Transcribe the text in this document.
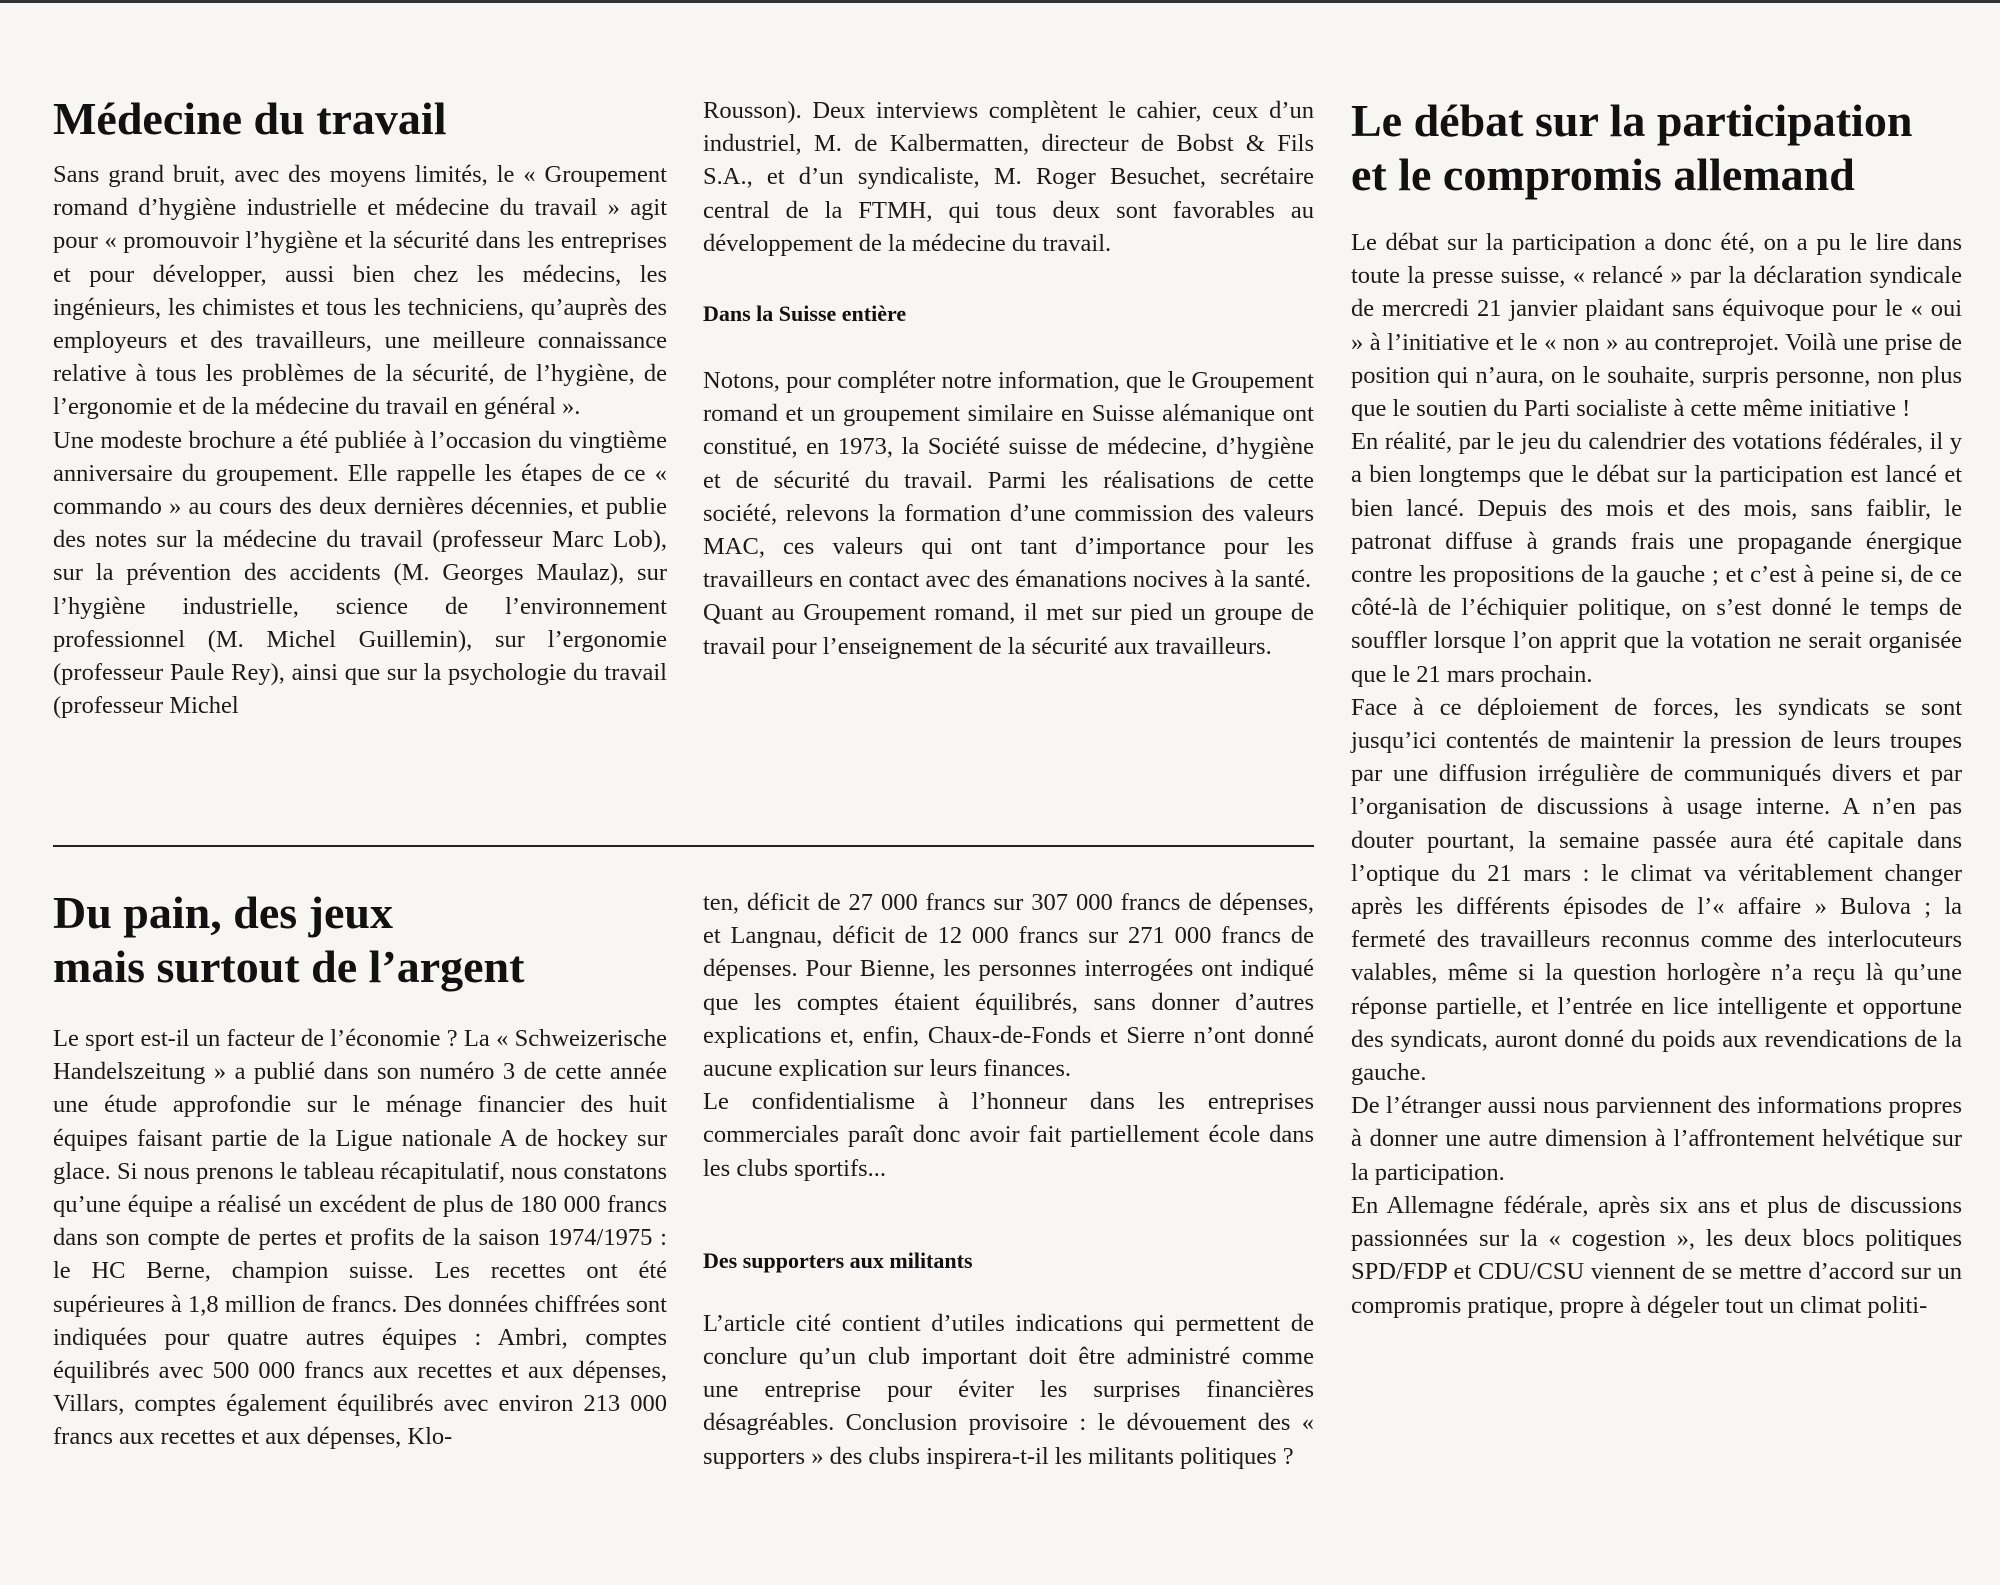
Médecine du travail

Sans grand bruit, avec des moyens limités, le « Groupement romand d’hygiène industrielle et médecine du travail » agit pour « promouvoir l’hygiène et la sécurité dans les entreprises et pour développer, aussi bien chez les médecins, les ingénieurs, les chimistes et tous les techniciens, qu’auprès des employeurs et des travailleurs, une meilleure connaissance relative à tous les problèmes de la sécurité, de l’hygiène, de l’ergonomie et de la médecine du travail en général ».

Une modeste brochure a été publiée à l’occasion du vingtième anniversaire du groupement. Elle rappelle les étapes de ce « commando » au cours des deux dernières décennies, et publie des notes sur la médecine du travail (professeur Marc Lob), sur la prévention des accidents (M. Georges Maulaz), sur l’hygiène industrielle, science de l’environnement professionnel (M. Michel Guillemin), sur l’ergonomie (professeur Paule Rey), ainsi que sur la psychologie du travail (professeur Michel

Rousson). Deux interviews complètent le cahier, ceux d’un industriel, M. de Kalbermatten, directeur de Bobst & Fils S.A., et d’un syndicaliste, M. Roger Besuchet, secrétaire central de la FTMH, qui tous deux sont favorables au développement de la médecine du travail.

Dans la Suisse entière

Notons, pour compléter notre information, que le Groupement romand et un groupement similaire en Suisse alémanique ont constitué, en 1973, la Société suisse de médecine, d’hygiène et de sécurité du travail. Parmi les réalisations de cette société, relevons la formation d’une commission des valeurs MAC, ces valeurs qui ont tant d’importance pour les travailleurs en contact avec des émanations nocives à la santé.

Quant au Groupement romand, il met sur pied un groupe de travail pour l’enseignement de la sécurité aux travailleurs.

Du pain, des jeux
mais surtout de l’argent

Le sport est-il un facteur de l’économie ? La « Schweizerische Handelszeitung » a publié dans son numéro 3 de cette année une étude approfondie sur le ménage financier des huit équipes faisant partie de la Ligue nationale A de hockey sur glace. Si nous prenons le tableau récapitulatif, nous constatons qu’une équipe a réalisé un excédent de plus de 180 000 francs dans son compte de pertes et profits de la saison 1974/1975 : le HC Berne, champion suisse. Les recettes ont été supérieures à 1,8 million de francs. Des données chiffrées sont indiquées pour quatre autres équipes : Ambri, comptes équilibrés avec 500 000 francs aux recettes et aux dépenses, Villars, comptes également équilibrés avec environ 213 000 francs aux recettes et aux dépenses, Klo-

ten, déficit de 27 000 francs sur 307 000 francs de dépenses, et Langnau, déficit de 12 000 francs sur 271 000 francs de dépenses. Pour Bienne, les personnes interrogées ont indiqué que les comptes étaient équilibrés, sans donner d’autres explications et, enfin, Chaux-de-Fonds et Sierre n’ont donné aucune explication sur leurs finances.

Le confidentialisme à l’honneur dans les entreprises commerciales paraît donc avoir fait partiellement école dans les clubs sportifs...

Des supporters aux militants

L’article cité contient d’utiles indications qui permettent de conclure qu’un club important doit être administré comme une entreprise pour éviter les surprises financières désagréables. Conclusion provisoire : le dévouement des « supporters » des clubs inspirera-t-il les militants politiques ?

Le débat sur la participation
et le compromis allemand

Le débat sur la participation a donc été, on a pu le lire dans toute la presse suisse, « relancé » par la déclaration syndicale de mercredi 21 janvier plaidant sans équivoque pour le « oui » à l’initiative et le « non » au contreprojet. Voilà une prise de position qui n’aura, on le souhaite, surpris personne, non plus que le soutien du Parti socialiste à cette même initiative !

En réalité, par le jeu du calendrier des votations fédérales, il y a bien longtemps que le débat sur la participation est lancé et bien lancé. Depuis des mois et des mois, sans faiblir, le patronat diffuse à grands frais une propagande énergique contre les propositions de la gauche ; et c’est à peine si, de ce côté-là de l’échiquier politique, on s’est donné le temps de souffler lorsque l’on apprit que la votation ne serait organisée que le 21 mars prochain.

Face à ce déploiement de forces, les syndicats se sont jusqu’ici contentés de maintenir la pression de leurs troupes par une diffusion irrégulière de communiqués divers et par l’organisation de discussions à usage interne. A n’en pas douter pourtant, la semaine passée aura été capitale dans l’optique du 21 mars : le climat va véritablement changer après les différents épisodes de l’« affaire » Bulova ; la fermeté des travailleurs reconnus comme des interlocuteurs valables, même si la question horlogère n’a reçu là qu’une réponse partielle, et l’entrée en lice intelligente et opportune des syndicats, auront donné du poids aux revendications de la gauche.

De l’étranger aussi nous parviennent des informations propres à donner une autre dimension à l’affrontement helvétique sur la participation.

En Allemagne fédérale, après six ans et plus de discussions passionnées sur la « cogestion », les deux blocs politiques SPD/FDP et CDU/CSU viennent de se mettre d’accord sur un compromis pratique, propre à dégeler tout un climat politi-
